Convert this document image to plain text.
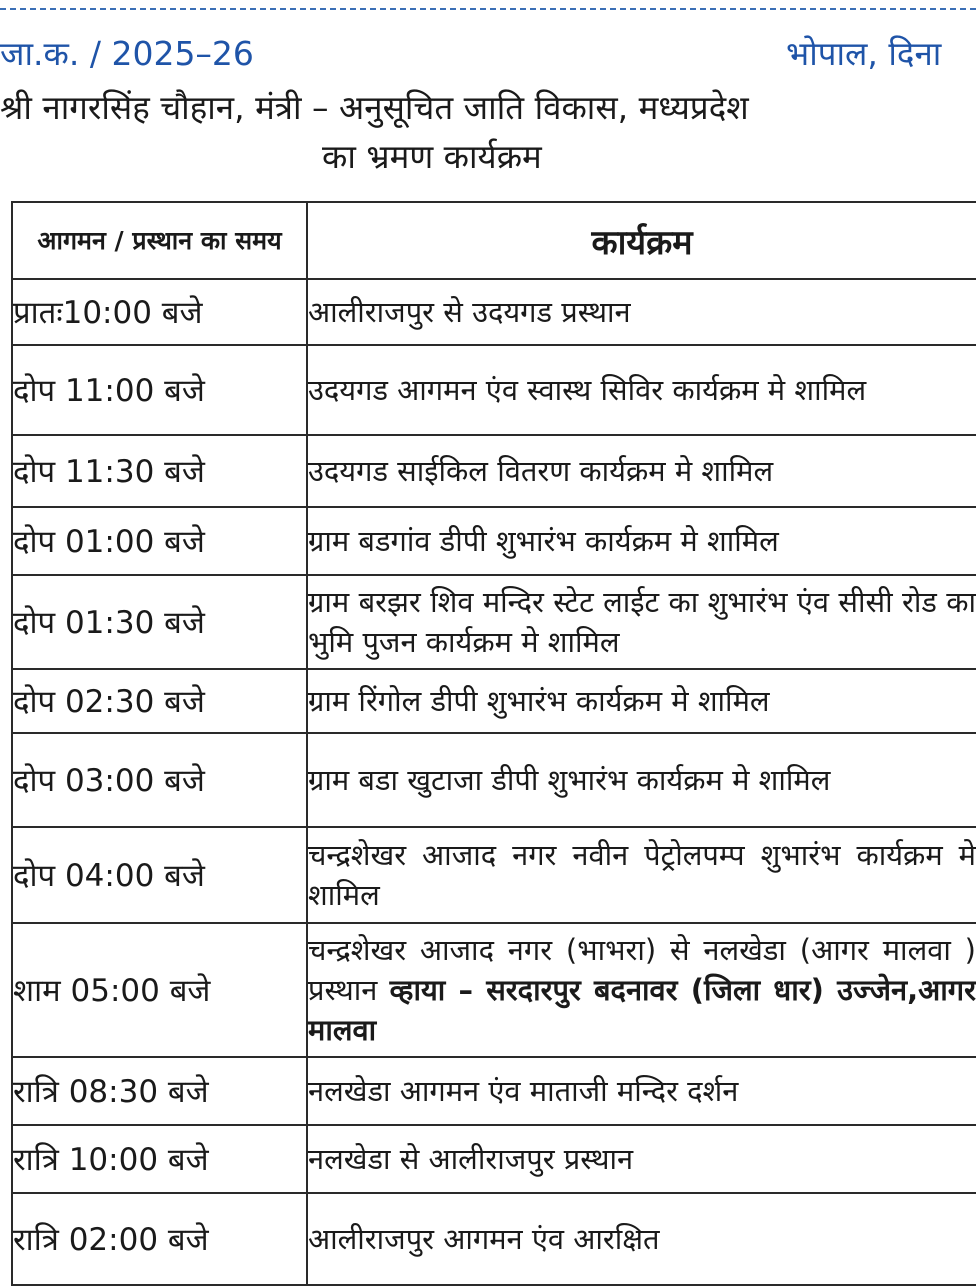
जा.क. / 2025–26	भोपाल, दिना
श्री नागरसिंह चौहान, मंत्री – अनुसूचित जाति विकास, मध्यप्रदेश
का भ्रमण कार्यक्रम
आगमन / प्रस्थान का समय	कार्यक्रम
प्रातः10:00 बजे	आलीराजपुर से उदयगड प्रस्थान
दोप 11:00 बजे	उदयगड आगमन एंव स्वास्थ सिविर कार्यक्रम मे शामिल
दोप 11:30 बजे	उदयगड साईकिल वितरण कार्यक्रम मे शामिल
दोप 01:00 बजे	ग्राम बडगांव डीपी शुभारंभ कार्यक्रम मे शामिल
दोप 01:30 बजे	ग्राम बरझर शिव मन्दिर स्टेट लाईट का शुभारंभ एंव सीसी रोड का भुमि पुजन कार्यक्रम मे शामिल
दोप 02:30 बजे	ग्राम रिंगोल डीपी शुभारंभ कार्यक्रम मे शामिल
दोप 03:00 बजे	ग्राम बडा खुटाजा डीपी शुभारंभ कार्यक्रम मे शामिल
दोप 04:00 बजे	चन्द्रशेखर आजाद नगर नवीन पेट्रोलपम्प शुभारंभ कार्यक्रम मे शामिल
शाम 05:00 बजे	चन्द्रशेखर आजाद नगर (भाभरा) से नलखेडा (आगर मालवा ) प्रस्थान व्हाया – सरदारपुर बदनावर (जिला धार) उज्जेन,आगर मालवा
रात्रि 08:30 बजे	नलखेडा आगमन एंव माताजी मन्दिर दर्शन
रात्रि 10:00 बजे	नलखेडा से आलीराजपुर प्रस्थान
रात्रि 02:00 बजे	आलीराजपुर आगमन एंव आरक्षित
